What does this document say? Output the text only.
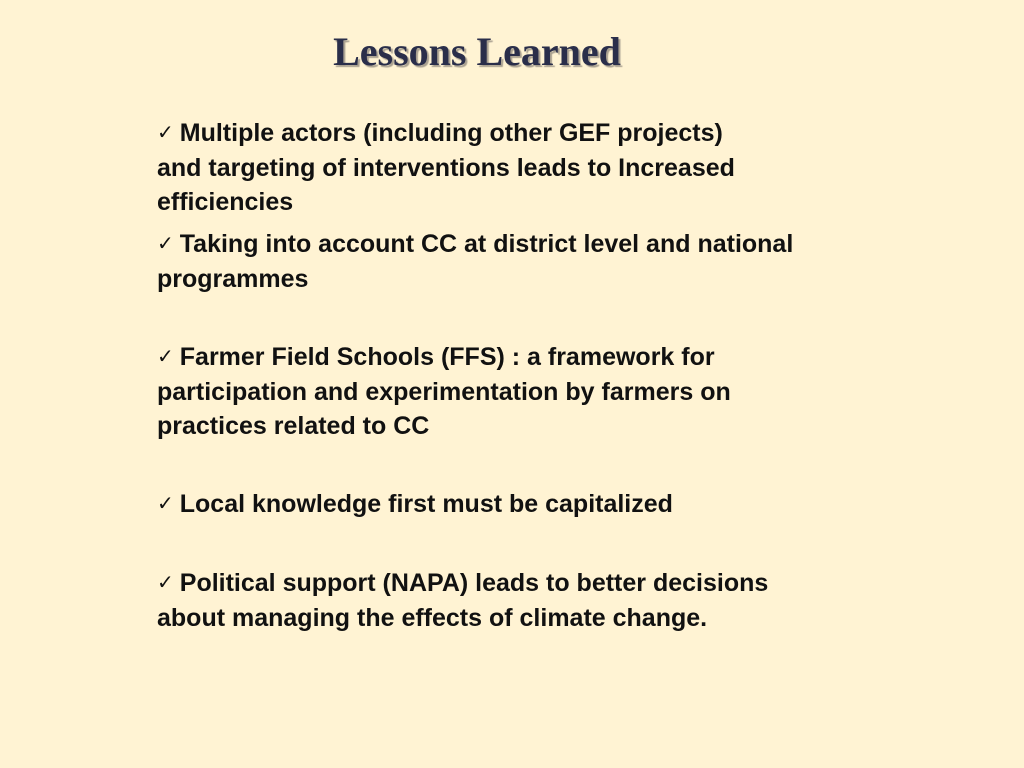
Lessons Learned
✓ Multiple actors (including other GEF projects) and targeting of interventions leads to Increased efficiencies
✓ Taking into account CC at district level and national programmes
✓ Farmer Field Schools (FFS) : a framework for participation and experimentation by farmers on practices related to CC
✓ Local knowledge first must be capitalized
✓ Political support (NAPA) leads to better decisions about managing the effects of climate change.
